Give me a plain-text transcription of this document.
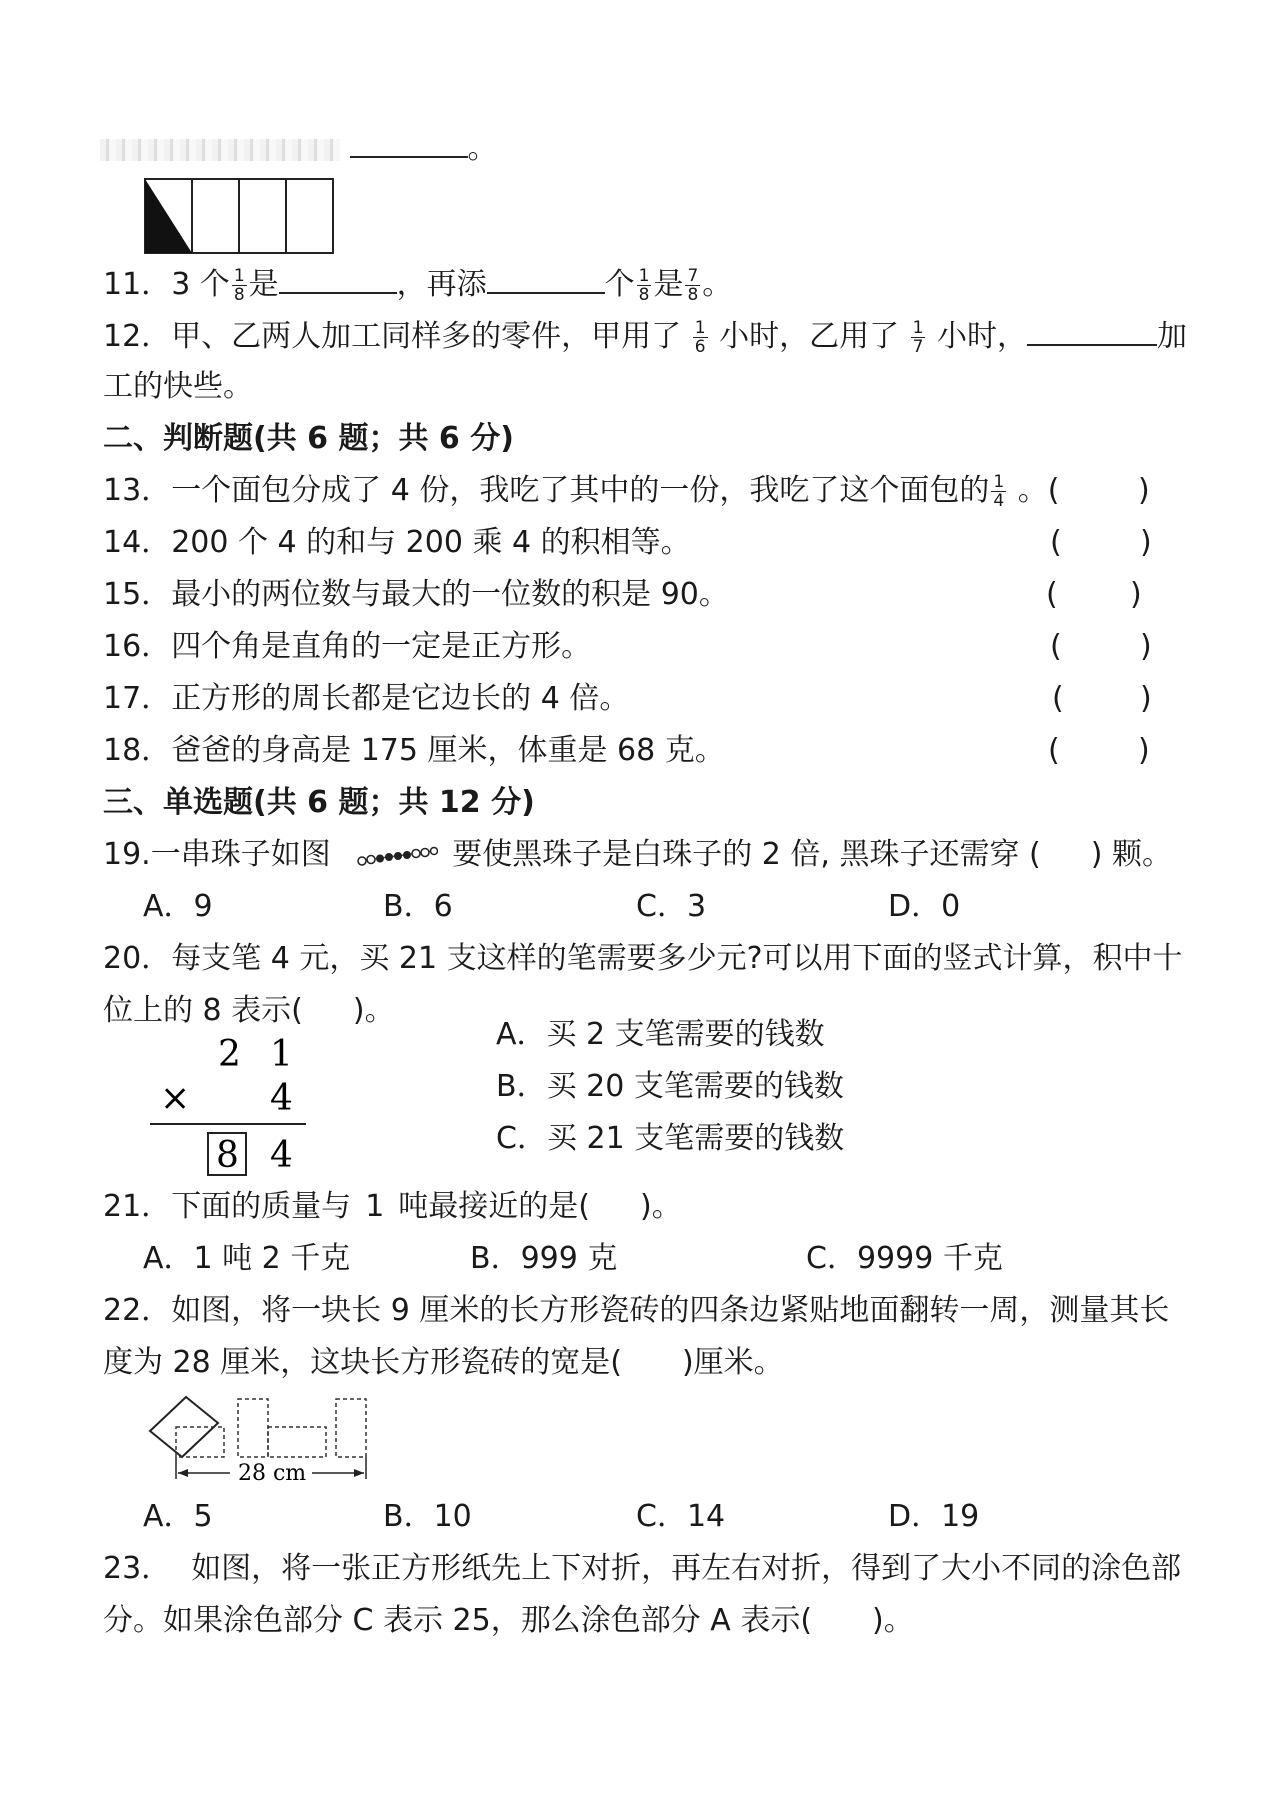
。
11．3 个 $\frac{1}{8}$ 是	，再添	个 $\frac{1}{8}$ 是 $\frac{7}{8}$ 。
12．甲、乙两人加工同样多的零件，甲用了 $\frac{1}{6}$ 小时，乙用了 $\frac{1}{7}$ 小时，	加
工的快些。
二、判断题(共 6 题；共 6 分)
13．一个面包分成了 4 份，我吃了其中的一份，我吃了这个面包的 $\frac{1}{4}$ 。(	)
14．200 个 4 的和与 200 乘 4 的积相等。	(	)
15．最小的两位数与最大的一位数的积是 90。	( )
16．四个角是直角的一定是正方形。	(	)
17．正方形的周长都是它边长的 4 倍。	(	)
18．爸爸的身高是 175 厘米，体重是 68 克。	(	)
三、单选题(共 6 题；共 12 分)
19.一串珠子如图	要使黑珠子是白珠子的 2 倍, 黑珠子还需穿 ( ) 颗。
A．9	B．6	C．3	D．0
20．每支笔 4 元，买 21 支这样的笔需要多少元?可以用下面的竖式计算，积中十
位上的 8 表示( )。
A．买 2 支笔需要的钱数
B．买 20 支笔需要的钱数
C．买 21 支笔需要的钱数
2 1
× 4
8 4
21．下面的质量与 1 吨最接近的是( )。
A．1 吨 2 千克	B．999 克	C．9999 千克
22．如图，将一块长 9 厘米的长方形瓷砖的四条边紧贴地面翻转一周，测量其长
度为 28 厘米，这块长方形瓷砖的宽是( )厘米。
28 cm
A．5	B．10	C．14	D．19
23． 如图，将一张正方形纸先上下对折，再左右对折，得到了大小不同的涂色部
分。如果涂色部分 C 表示 25，那么涂色部分 A 表示( )。
